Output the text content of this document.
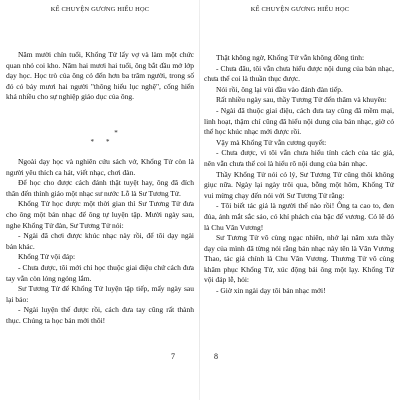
KỂ CHUYỆN GƯƠNG HIẾU HỌC

Năm mười chín tuổi, Khổng Tử lấy vợ và làm một chức quan nhỏ coi kho. Năm hai mươi hai tuổi, ông bắt đầu mở lớp dạy học. Học trò của ông có đến hơn ba trăm người, trong số đó có bảy mươi hai người "thông hiểu lục nghệ", cống hiến khá nhiều cho sự nghiệp giáo dục của ông.

*

**

Ngoài dạy học và nghiên cứu sách vở, Khổng Tử còn là người yêu thích ca hát, viết nhạc, chơi đàn.

Để học cho được cách đánh thật tuyệt hay, ông đã đích thân đến thỉnh giáo một nhạc sư nước Lỗ là Sư Tương Tử.

Khổng Tử học được một thời gian thì Sư Tương Tử đưa cho ông một bản nhạc để ông tự luyện tập. Mười ngày sau, nghe Khổng Tử đàn, Sư Tương Tử nói:

- Ngài đã chơi được khúc nhạc này rồi, để tôi dạy ngài bản khác.

Khổng Tử vội đáp:

- Chưa được, tôi mới chỉ học thuộc giai điệu chứ cách đưa tay vẫn còn lóng ngóng lắm.

Sư Tương Tử để Khổng Tử luyện tập tiếp, mấy ngày sau lại bảo:

- Ngài luyện thế được rồi, cách đưa tay cũng rất thành thục. Chúng ta học bản mới thôi!

7
KỂ CHUYỆN GƯƠNG HIẾU HỌC

Thật không ngờ, Khổng Tử vẫn không đồng tình:

- Chưa đâu, tôi vẫn chưa hiểu được nội dung của bản nhạc, chưa thể coi là thuần thục được.

Nói rồi, ông lại vùi đầu vào đánh đàn tiếp.

Rất nhiều ngày sau, thầy Tương Tử đến thăm và khuyên:

- Ngài đã thuộc giai điệu, cách đưa tay cũng đã mềm mại, linh hoạt, thậm chí cũng đã hiểu nội dung của bản nhạc, giờ có thể học khúc nhạc mới được rồi.

Vậy mà Khổng Tử vẫn cương quyết:

- Chưa được, vì tôi vẫn chưa hiểu tính cách của tác giả, nên vẫn chưa thể coi là hiểu rõ nội dung của bản nhạc.

Thầy Khổng Tử nói có lý, Sư Tương Tử cũng thôi không giục nữa. Ngày lại ngày trôi qua, bỗng một hôm, Khổng Tử vui mừng chạy đến nói với Sư Tương Tử rằng:

- Tôi biết tác giả là người thế nào rồi! Ông ta cao to, đen đủa, ánh mắt sắc sảo, có khí phách của bậc đế vương. Có lẽ đó là Chu Văn Vương!

Sư Tương Tử vô cùng ngạc nhiên, nhớ lại năm xưa thầy dạy của mình đã từng nói rằng bản nhạc này tên là Văn Vương Thao, tác giả chính là Chu Văn Vương. Thương Tử vô cùng khâm phục Khổng Tử, xúc động bái ông một lạy. Khổng Tử vội đáp lễ, hỏi:

- Giờ xin ngài dạy tôi bản nhạc mới!

8
